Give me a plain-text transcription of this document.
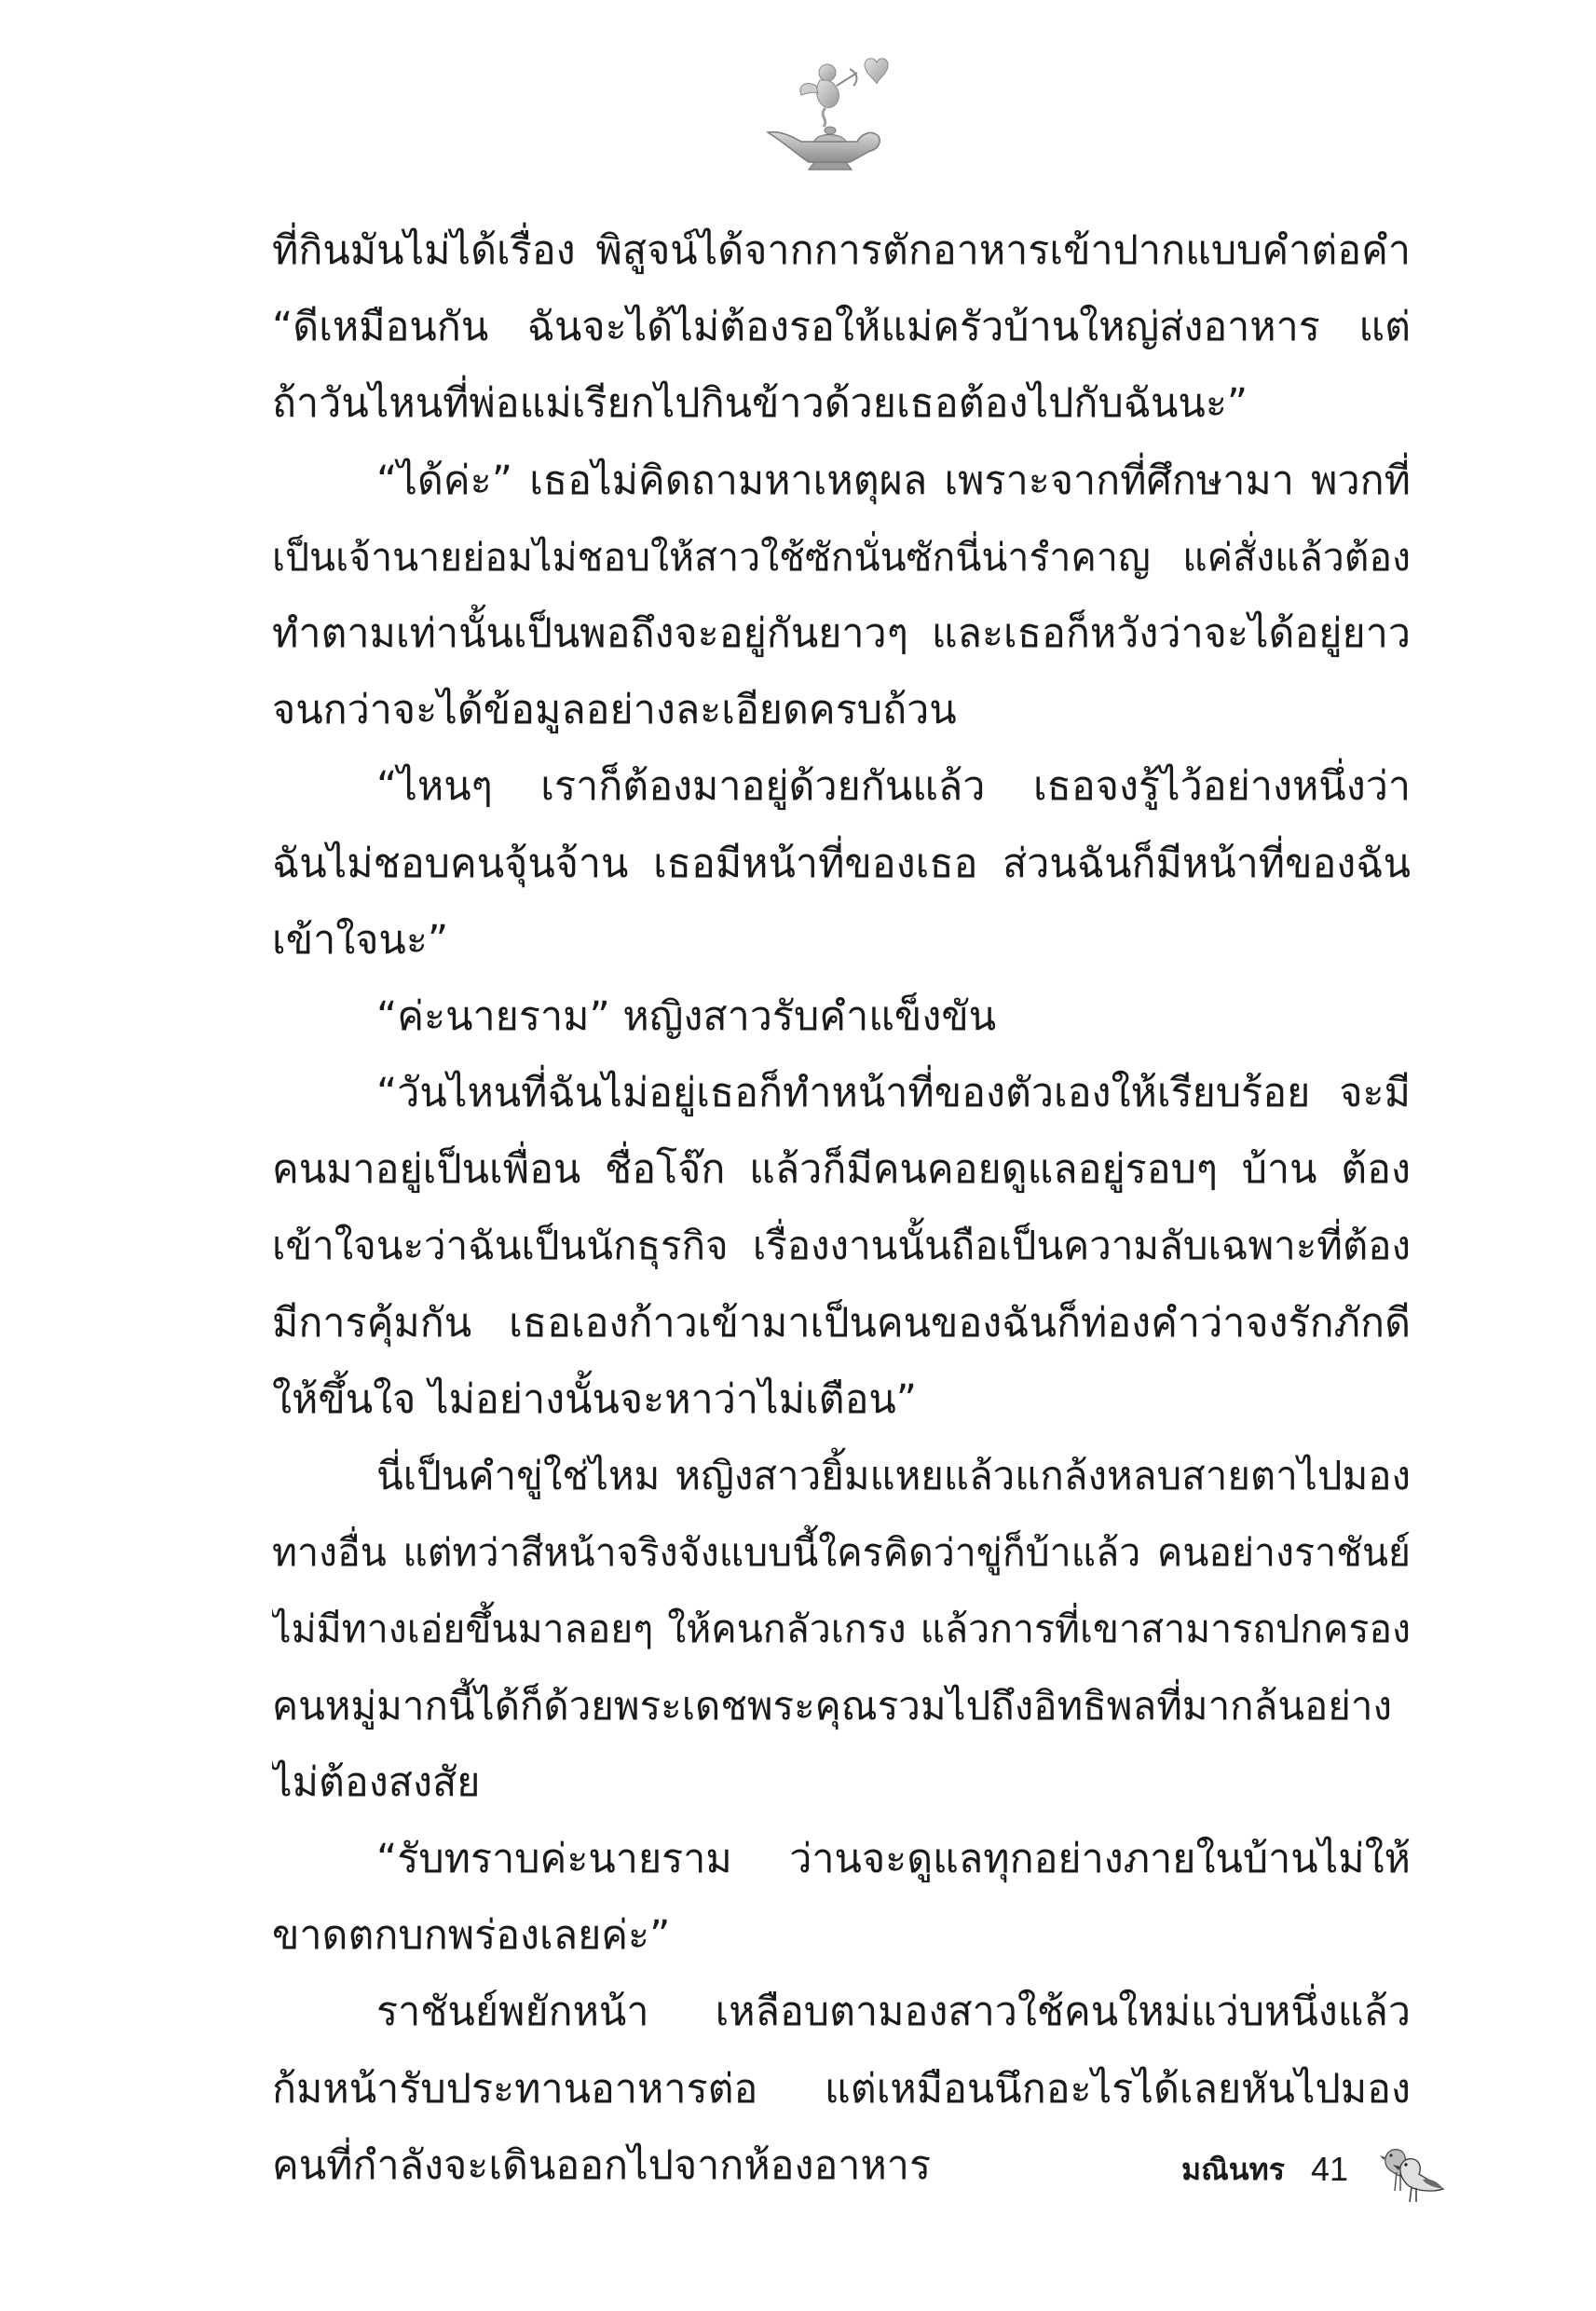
ที่กินมันไม่ได้เรื่อง พิสูจน์ได้จากการตักอาหารเข้าปากแบบคำต่อคำ
“ดีเหมือนกัน ฉันจะได้ไม่ต้องรอให้แม่ครัวบ้านใหญ่ส่งอาหาร แต่
ถ้าวันไหนที่พ่อแม่เรียกไปกินข้าวด้วยเธอต้องไปกับฉันนะ”
“ได้ค่ะ” เธอไม่คิดถามหาเหตุผล เพราะจากที่ศึกษามา พวกที่
เป็นเจ้านายย่อมไม่ชอบให้สาวใช้ซักนั่นซักนี่น่ารำคาญ แค่สั่งแล้วต้อง
ทำตามเท่านั้นเป็นพอถึงจะอยู่กันยาวๆ และเธอก็หวังว่าจะได้อยู่ยาว
จนกว่าจะได้ข้อมูลอย่างละเอียดครบถ้วน
“ไหนๆ เราก็ต้องมาอยู่ด้วยกันแล้ว เธอจงรู้ไว้อย่างหนึ่งว่า
ฉันไม่ชอบคนจุ้นจ้าน เธอมีหน้าที่ของเธอ ส่วนฉันก็มีหน้าที่ของฉัน
เข้าใจนะ”
“ค่ะนายราม” หญิงสาวรับคำแข็งขัน
“วันไหนที่ฉันไม่อยู่เธอก็ทำหน้าที่ของตัวเองให้เรียบร้อย จะมี
คนมาอยู่เป็นเพื่อน ชื่อโจ๊ก แล้วก็มีคนคอยดูแลอยู่รอบๆ บ้าน ต้อง
เข้าใจนะว่าฉันเป็นนักธุรกิจ เรื่องงานนั้นถือเป็นความลับเฉพาะที่ต้อง
มีการคุ้มกัน เธอเองก้าวเข้ามาเป็นคนของฉันก็ท่องคำว่าจงรักภักดี
ให้ขึ้นใจ ไม่อย่างนั้นจะหาว่าไม่เตือน”
นี่เป็นคำขู่ใช่ไหม หญิงสาวยิ้มแหยแล้วแกล้งหลบสายตาไปมอง
ทางอื่น แต่ทว่าสีหน้าจริงจังแบบนี้ใครคิดว่าขู่ก็บ้าแล้ว คนอย่างราชันย์
ไม่มีทางเอ่ยขึ้นมาลอยๆ ให้คนกลัวเกรง แล้วการที่เขาสามารถปกครอง
คนหมู่มากนี้ได้ก็ด้วยพระเดชพระคุณรวมไปถึงอิทธิพลที่มากล้นอย่าง
ไม่ต้องสงสัย
“รับทราบค่ะนายราม ว่านจะดูแลทุกอย่างภายในบ้านไม่ให้
ขาดตกบกพร่องเลยค่ะ”
ราชันย์พยักหน้า เหลือบตามองสาวใช้คนใหม่แว่บหนึ่งแล้ว
ก้มหน้ารับประทานอาหารต่อ แต่เหมือนนึกอะไรได้เลยหันไปมอง
คนที่กำลังจะเดินออกไปจากห้องอาหาร	มณินทร 41
